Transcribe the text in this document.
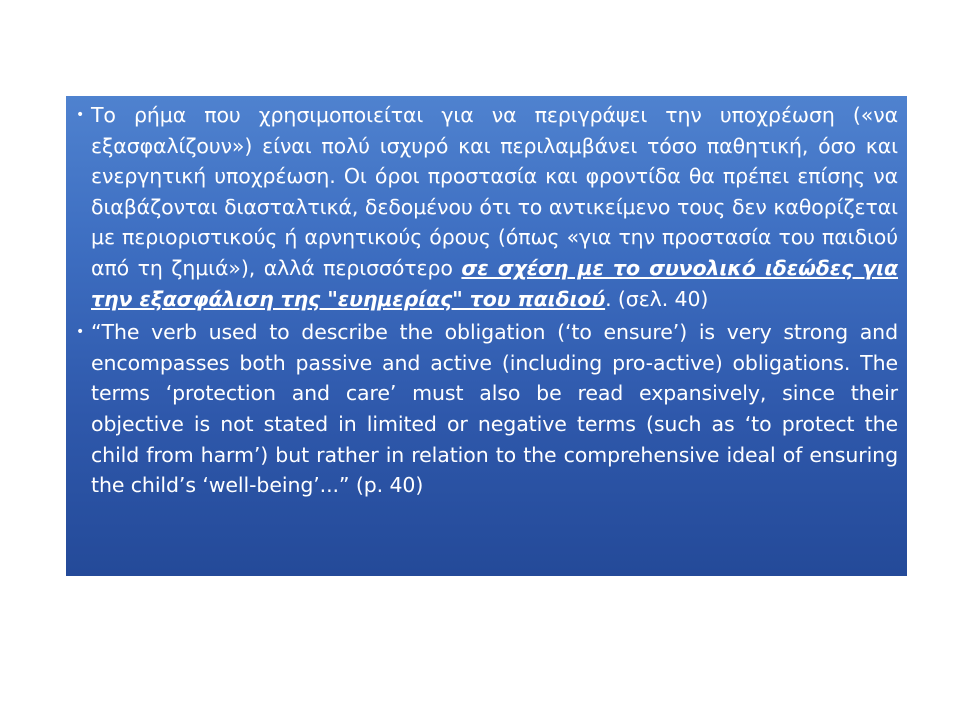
• Το ρήμα που χρησιμοποιείται για να περιγράψει την υποχρέωση («να εξασφαλίζουν») είναι πολύ ισχυρό και περιλαμβάνει τόσο παθητική, όσο και ενεργητική υποχρέωση. Οι όροι προστασία και φροντίδα θα πρέπει επίσης να διαβάζονται διασταλτικά, δεδομένου ότι το αντικείμενο τους δεν καθορίζεται με περιοριστικούς ή αρνητικούς όρους (όπως «για την προστασία του παιδιού από τη ζημιά»), αλλά περισσότερο σε σχέση με το συνολικό ιδεώδες για την εξασφάλιση της "ευημερίας" του παιδιού. (σελ. 40)

• “The verb used to describe the obligation (‘to ensure’) is very strong and encompasses both passive and active (including pro-active) obligations. The terms ‘protection and care’ must also be read expansively, since their objective is not stated in limited or negative terms (such as ‘to protect the child from harm’) but rather in relation to the comprehensive ideal of ensuring the child’s ‘well-being’...” (p. 40)
